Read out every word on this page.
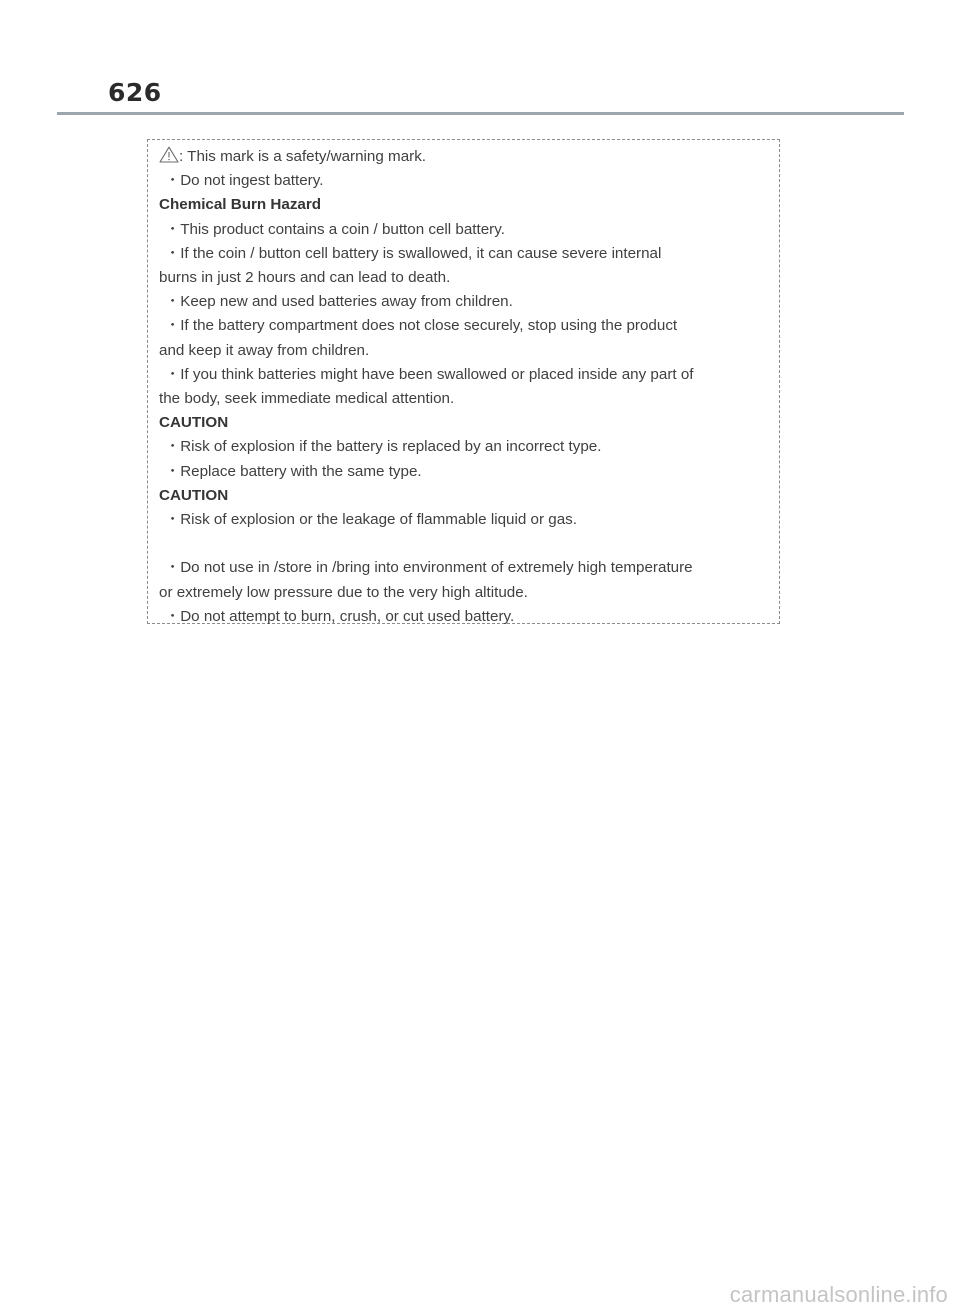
626
: This mark is a safety/warning mark.
・Do not ingest battery.
Chemical Burn Hazard
・This product contains a coin / button cell battery.
・If the coin / button cell battery is swallowed, it can cause severe internal
burns in just 2 hours and can lead to death.
・Keep new and used batteries away from children.
・If the battery compartment does not close securely, stop using the product
and keep it away from children.
・If you think batteries might have been swallowed or placed inside any part of
the body, seek immediate medical attention.
CAUTION
・Risk of explosion if the battery is replaced by an incorrect type.
・Replace battery with the same type.
CAUTION
・Risk of explosion or the leakage of flammable liquid or gas.
・Do not use in /store in /bring into environment of extremely high temperature
or extremely low pressure due to the very high altitude.
・Do not attempt to burn, crush, or cut used battery.
carmanualsonline.info
